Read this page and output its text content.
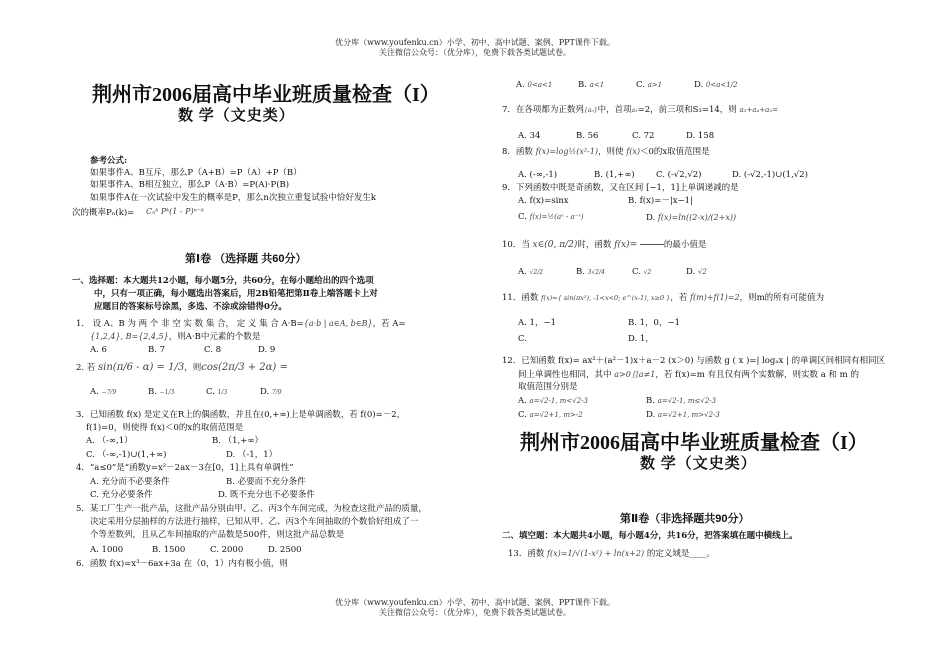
优分库（www.youfenku.cn）小学、初中、高中试题、案例、PPT课件下载。
关注微信公众号：（优分库），免费下载各类试题试卷。
荆州市2006届高中毕业班质量检查（I）
数 学（文史类）
参考公式:
如果事件A、B互斥，那么P（A+B）=P（A）+P（B）
如果事件A、B相互独立，那么P（A·B）=P(A)·P(B)
如果事件A在一次试验中发生的概率是P，那么n次独立重复试验中恰好发生k
次的概率Pₙ(k)= Cₙᵏ Pᵏ(1 - P)ⁿ⁻ᵏ
第Ⅰ卷 （选择题 共60分）
一、选择题：本大题共12小题，每小题5分，共60分，在每小题给出的四个选项
中，只有一项正确，每小题选出答案后，用2B铅笔把第Ⅱ卷上端答题卡上对
应题目的答案标号涂黑，多选、不涂或涂错得0分。
1． 设 A、B 为 两 个 非 空 实 数 集 合， 定 义 集 合 A·B={a·b | a∈A, b∈B}，若 A=
{1,2,4}, B={2,4,5}，则A·B中元素的个数是
A. 6	B. 7	C. 8	D. 9
2. 若 sin(π/6 - α) = 1/3，则cos(2π/3 + 2α) =
A. −7/9	B. −1/3	C. 1/3	D. 7/9
3．已知函数 f(x) 是定义在R上的偶函数，并且在(0,+∞)上是单调函数，若 f(0)=－2，
f(1)=0，则使得 f(x)＜0的x的取值范围是
A. （-∞,1）	B. （1,+∞）
C. （-∞,-1)∪(1,+∞)	D. （-1，1）
4．“a≤0”是“函数y=x²－2ax－3在[0，1]上具有单调性”
A. 充分而不必要条件	B. 必要而不充分条件
C. 充分必要条件	D. 既不充分也不必要条件
5．某工厂生产一批产品，这批产品分别由甲、乙、丙3个车间完成，为检查这批产品的质量，
决定采用分层抽样的方法进行抽样，已知从甲、乙、丙3个车间抽取的个数恰好组成了一
个等差数列，且从乙车间抽取的产品数是500件，则这批产品总数是
A. 1000	B. 1500	C. 2000	D. 2500
6．函数 f(x)=x³－6ax+3a 在（0，1）内有极小值，则
A. 0<a<1	B. a<1	C. a>1	D. 0<a<1/2
7．在各项都为正数列{aₙ}中，首项a₁=2，前三项和S₃=14，则 a₃+a₄+a₅=
A. 34	B. 56	C. 72	D. 158
8．函数 f(x)=log½(x²-1)，则使 f(x)＜0的x取值范围是
A. (-∞,-1)	B. (1,+∞)	C. (-√2,√2)	D. (-√2,-1)∪(1,√2)
9．下列函数中既是奇函数，又在区间 [−1，1]上单调递减的是
A. f(x)=sinx	B. f(x)=－|x−1|
C. f(x)=½(aˣ - a⁻ˣ)	D. f(x)=ln((2-x)/(2+x))
10．当 x∈(0, π/2)时，函数 f(x)=
	的最小值是
A. √2/2	B. 3√2/4	C. √2	D. √2
11．函数 f(x)={ sin(πx²), -1<x<0; e^(x-1), x≥0 }，若 f(m)+f(1)=2，则m的所有可能值为
A. 1，−1	B. 1，0，−1
C.	D. 1，
12．已知函数 f(x)= ax²＋(a²－1)x＋a－2 (x＞0) 与函数 g ( x )=| logₐx | 的单调区间相同有相同区
间上单调性也相同，其中 a>0且a≠1，若 f(x)=m 有且仅有两个实数解，则实数 a 和 m 的
取值范围分别是
A. a=√2-1, m<√2-3	B. a=√2-1, m≤√2-3
C. a=√2+1, m>-2	D. a=√2+1, m>√2-3
荆州市2006届高中毕业班质量检查（I）
数 学（文史类）
第Ⅱ卷（非选择题共90分）
二、填空题：本大题共4小题，每小题4分，共16分，把答案填在题中横线上。
13．函数 f(x)=1/√(1-x²) + ln(x+2) 的定义域是____。
优分库（www.youfenku.cn）小学、初中、高中试题、案例、PPT课件下载。
关注微信公众号：（优分库），免费下载各类试题试卷。
